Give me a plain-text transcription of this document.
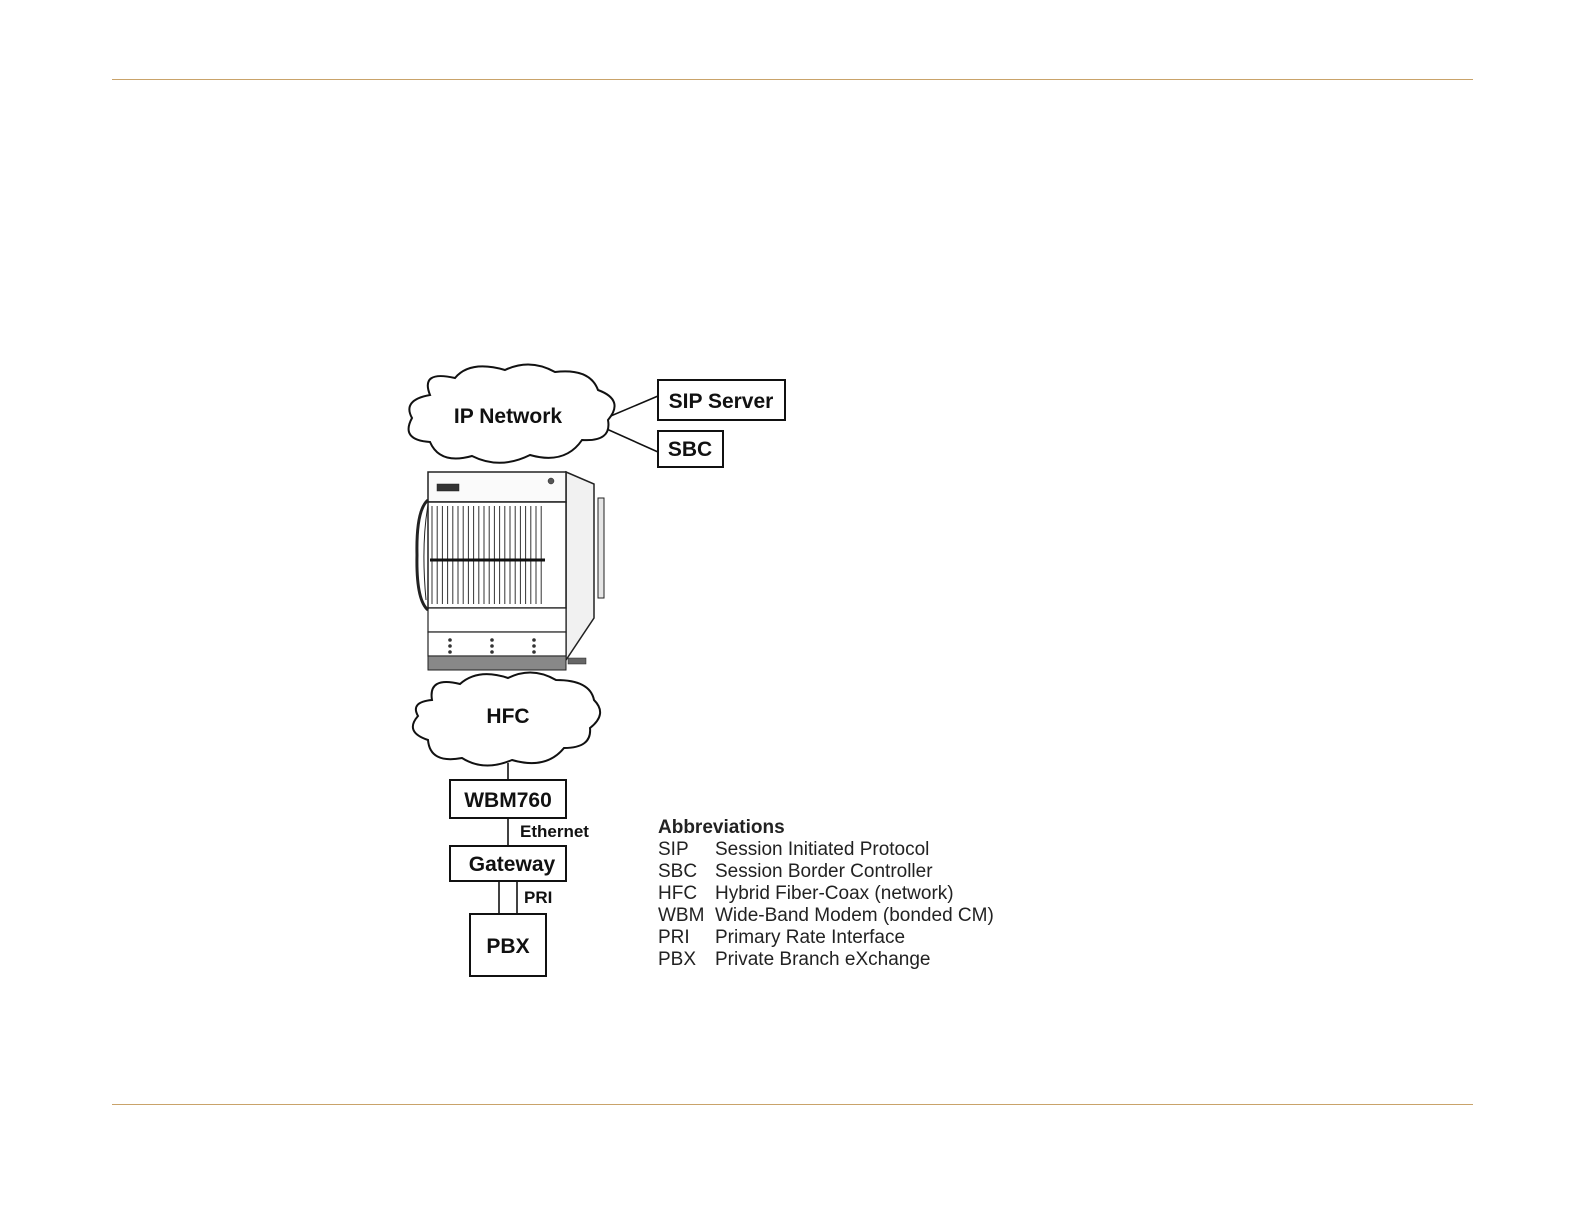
IP Network
SIP Server
SBC
HFC
WBM760
Ethernet
Gateway
PRI
PBX
Abbreviations
SIP	Session Initiated Protocol
SBC Session Border Controller
HFC Hybrid Fiber-Coax (network)
WBM Wide-Band Modem (bonded CM)
PRI	Primary Rate Interface
PBX Private Branch eXchange
